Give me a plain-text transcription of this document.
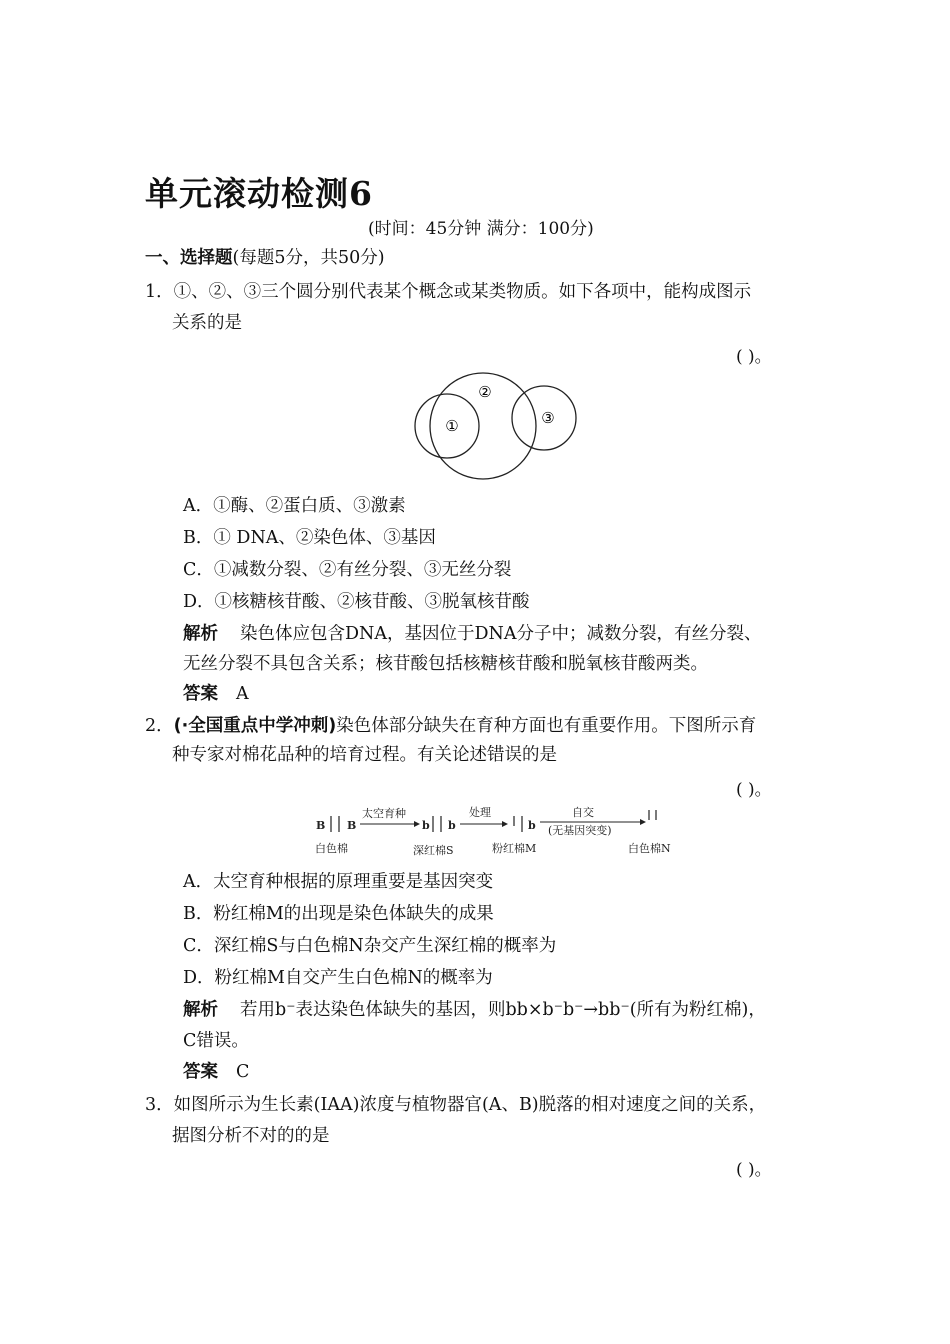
单元滚动检测6
(时间：45分钟 满分：100分)
一、选择题(每题5分，共50分)
1．①、②、③三个圆分别代表某个概念或某类物质。如下各项中，能构成图示
关系的是
( )。
①
②
③
A．①酶、②蛋白质、③激素
B．① DNA、②染色体、③基因
C．①减数分裂、②有丝分裂、③无丝分裂
D．①核糖核苷酸、②核苷酸、③脱氧核苷酸
解析 染色体应包含DNA，基因位于DNA分子中；减数分裂，有丝分裂、
无丝分裂不具包含关系；核苷酸包括核糖核苷酸和脱氧核苷酸两类。
答案 A
2．(·全国重点中学冲刺)染色体部分缺失在育种方面也有重要作用。下图所示育
种专家对棉花品种的培育过程。有关论述错误的是
( )。
B B
白色棉
太空育种
b b
深红棉S
处理
b
粉红棉M
自交
(无基因突变)
白色棉N
A．太空育种根据的原理重要是基因突变
B．粉红棉M的出现是染色体缺失的成果
C．深红棉S与白色棉N杂交产生深红棉的概率为
D．粉红棉M自交产生白色棉N的概率为
解析 若用b⁻表达染色体缺失的基因，则bb×b⁻b⁻→bb⁻(所有为粉红棉)，
C错误。
答案 C
3．如图所示为生长素(IAA)浓度与植物器官(A、B)脱落的相对速度之间的关系，
据图分析不对的的是
( )。
